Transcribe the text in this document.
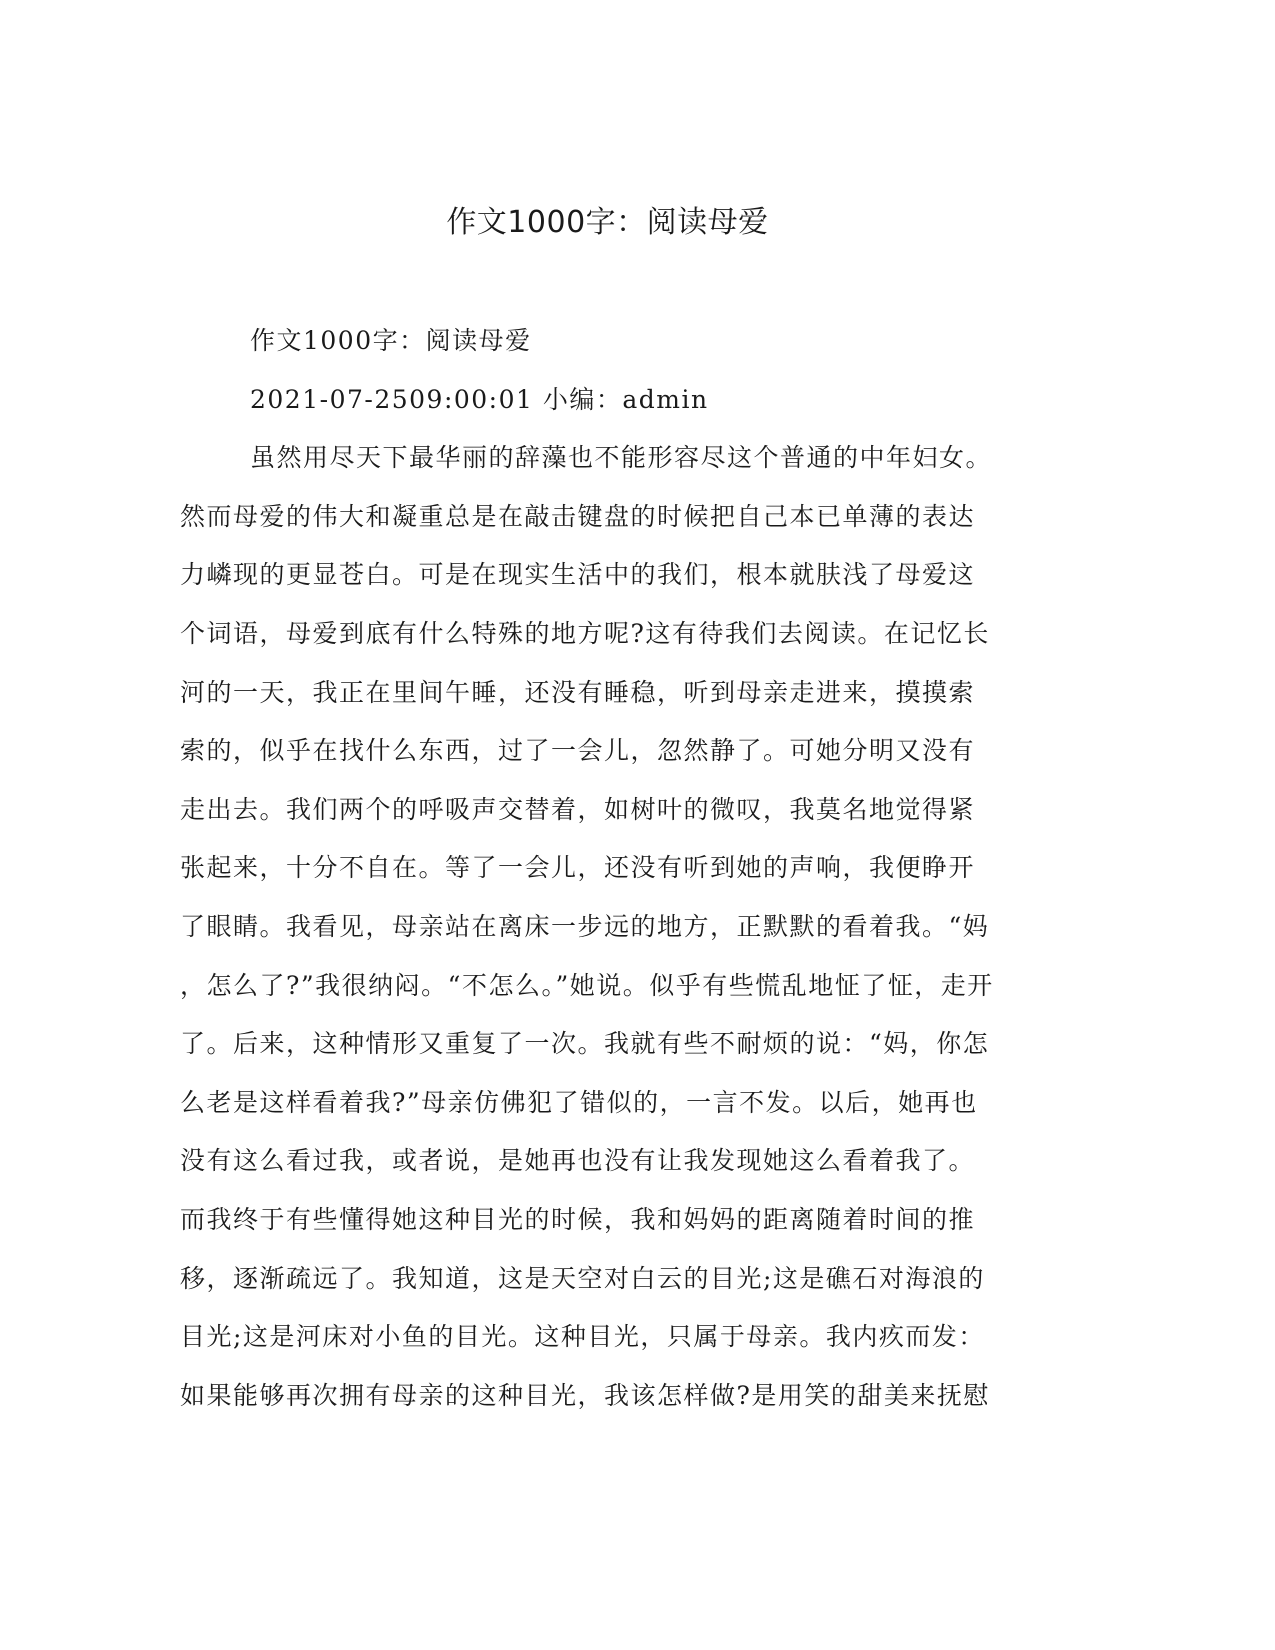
作文1000字：阅读母爱

作文1000字：阅读母爱

2021-07-2509:00:01 小编：admin

虽然用尽天下最华丽的辞藻也不能形容尽这个普通的中年妇女。
然而母爱的伟大和凝重总是在敲击键盘的时候把自己本已单薄的表达
力嶙现的更显苍白。可是在现实生活中的我们，根本就肤浅了母爱这
个词语，母爱到底有什么特殊的地方呢?这有待我们去阅读。在记忆长
河的一天，我正在里间午睡，还没有睡稳，听到母亲走进来，摸摸索
索的，似乎在找什么东西，过了一会儿，忽然静了。可她分明又没有
走出去。我们两个的呼吸声交替着，如树叶的微叹，我莫名地觉得紧
张起来，十分不自在。等了一会儿，还没有听到她的声响，我便睁开
了眼睛。我看见，母亲站在离床一步远的地方，正默默的看着我。“妈
，怎么了?”我很纳闷。“不怎么。”她说。似乎有些慌乱地怔了怔，走开
了。后来，这种情形又重复了一次。我就有些不耐烦的说：“妈，你怎
么老是这样看着我?”母亲仿佛犯了错似的，一言不发。以后，她再也
没有这么看过我，或者说，是她再也没有让我发现她这么看着我了。
而我终于有些懂得她这种目光的时候，我和妈妈的距离随着时间的推
移，逐渐疏远了。我知道，这是天空对白云的目光;这是礁石对海浪的
目光;这是河床对小鱼的目光。这种目光，只属于母亲。我内疚而发：
如果能够再次拥有母亲的这种目光，我该怎样做?是用笑的甜美来抚慰
